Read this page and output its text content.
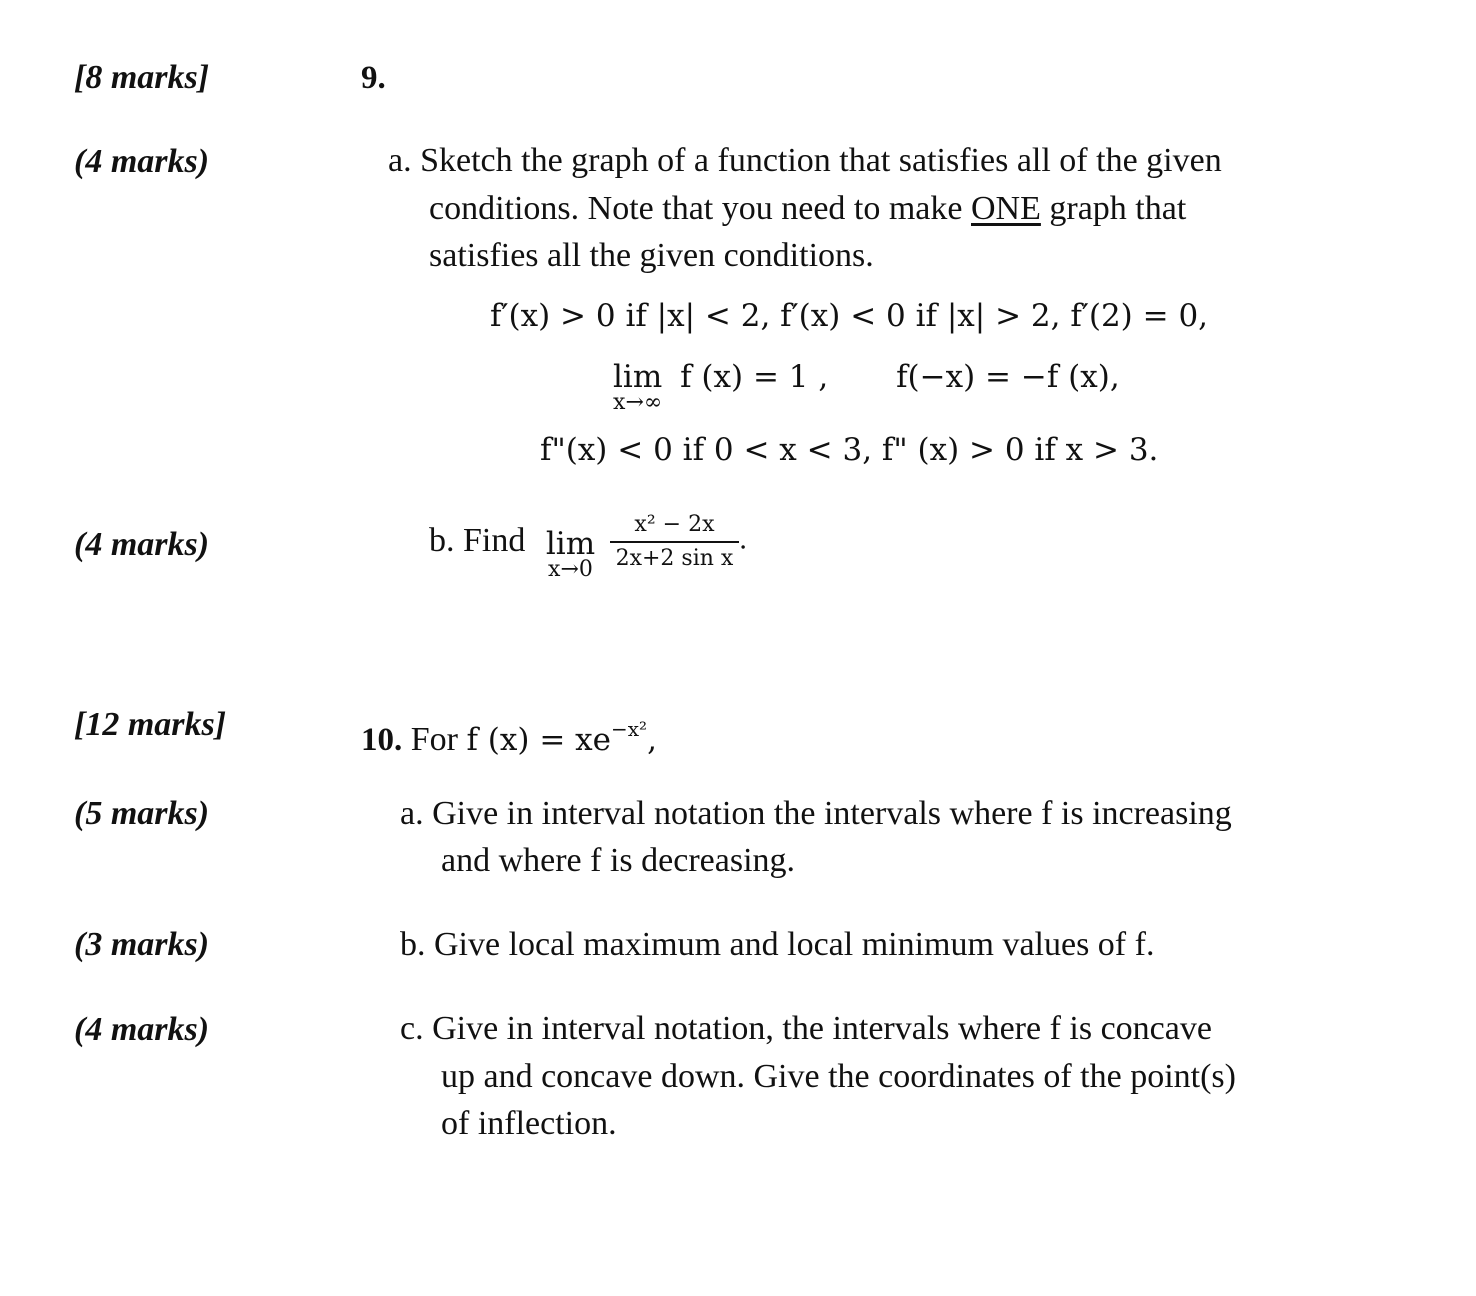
[8 marks]	9.
(4 marks)	a. Sketch the graph of a function that satisfies all of the given
conditions. Note that you need to make ONE graph that
satisfies all the given conditions.
f′(x) > 0 if |x| < 2, f′(x) < 0 if |x| > 2, f′(2) = 0,
lim
x→∞
f (x) = 1 , f(−x) = −f (x),
f"(x) < 0 if 0 < x < 3, f" (x) > 0 if x > 3.
(4 marks)	b. Find lim
x→0
$\frac{\text{x² − 2x}}{\text{2x+2 sin x}}$ .
[12 marks]	10. For f $(x) = xe^{-x^2}$,
(5 marks)	a. Give in interval notation the intervals where f is increasing
and where f is decreasing.
(3 marks)	b. Give local maximum and local minimum values of f.
(4 marks)	c. Give in interval notation, the intervals where f is concave
up and concave down. Give the coordinates of the point(s)
of inflection.
